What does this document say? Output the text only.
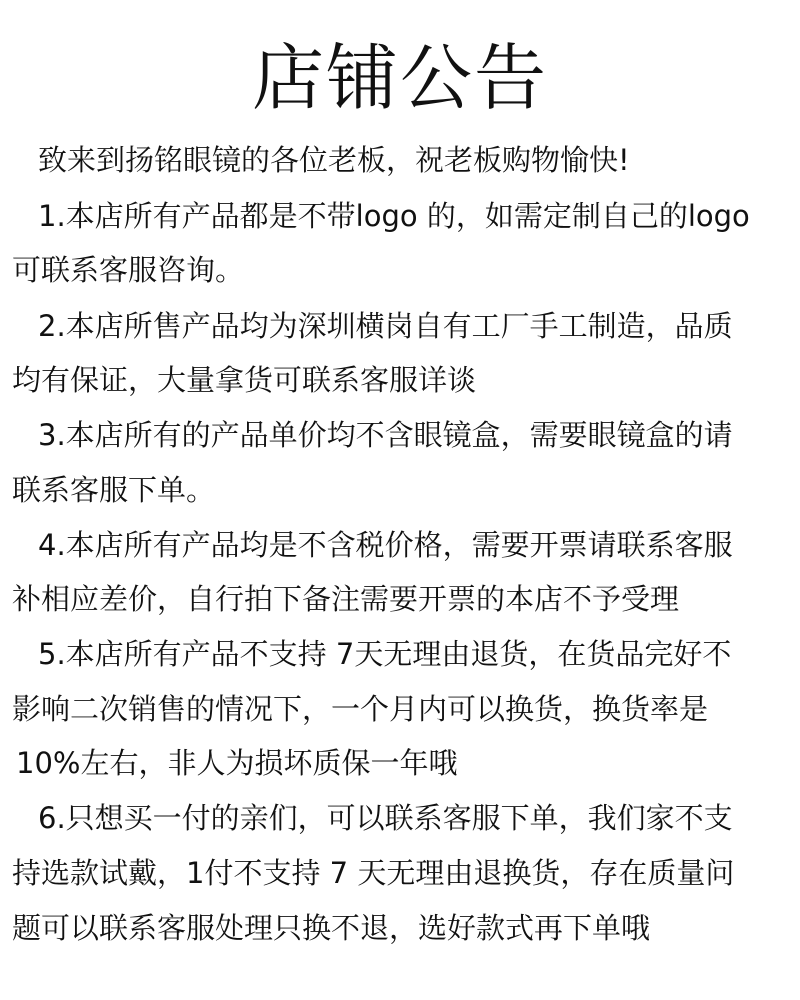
店铺公告
致来到扬铭眼镜的各位老板，祝老板购物愉快!
1.本店所有产品都是不带logo 的，如需定制自己的logo
可联系客服咨询。
2.本店所售产品均为深圳横岗自有工厂手工制造，品质
均有保证，大量拿货可联系客服详谈
3.本店所有的产品单价均不含眼镜盒，需要眼镜盒的请
联系客服下单。
4.本店所有产品均是不含税价格，需要开票请联系客服
补相应差价，自行拍下备注需要开票的本店不予受理
5.本店所有产品不支持 7天无理由退货，在货品完好不
影响二次销售的情况下，一个月内可以换货，换货率是
10%左右，非人为损坏质保一年哦
6.只想买一付的亲们，可以联系客服下单，我们家不支
持选款试戴，1付不支持 7 天无理由退换货，存在质量问
题可以联系客服处理只换不退，选好款式再下单哦
